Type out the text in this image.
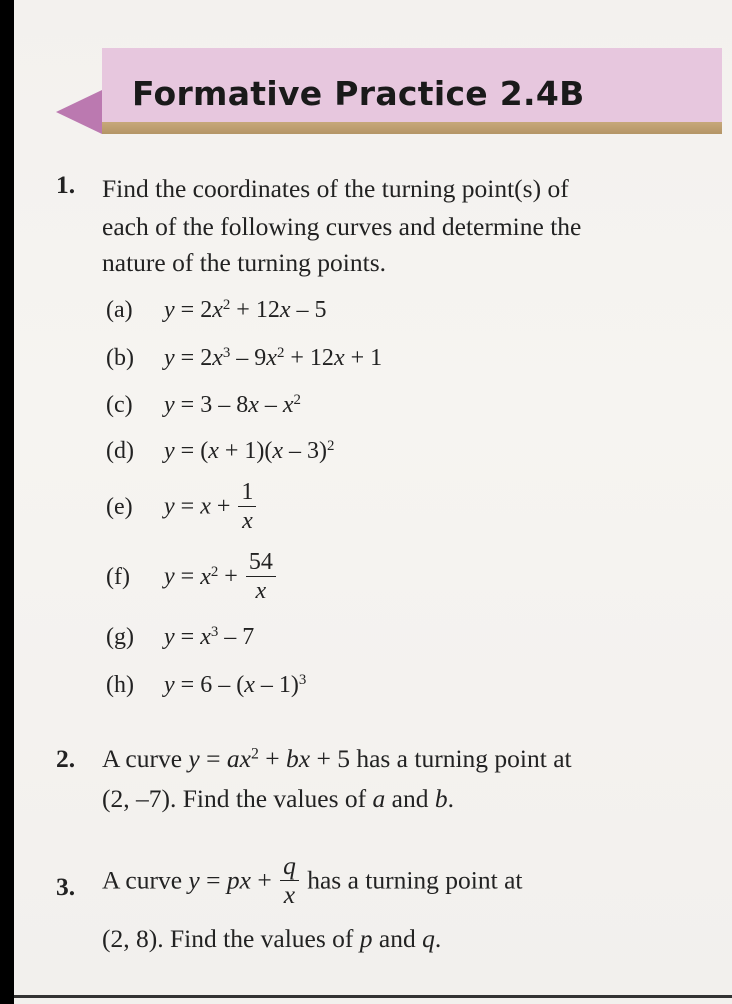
Formative Practice 2.4B
1. Find the coordinates of the turning point(s) of
each of the following curves and determine the
nature of the turning points.
(a) $y = 2x^2 + 12x - 5$
(b) $y = 2x^3 - 9x^2 + 12x + 1$
(c) $y = 3 - 8x - x^2$
(d) y = (x + 1)(x – 3)$^2$
(e) $y = x + \frac{1}{x}$
(f) $y = x^2 + \frac{54}{x}$
(g) $y = x^3 - 7$
(h) y = 6 – (x – 1)$^3$
2. A curve $y = ax^2$ + bx + 5 has a turning point at
(2, –7). Find the values of a and b.
3. A curve y = px + $\frac{q}{x}$ has a turning point at
(2, 8). Find the values of p and q.
